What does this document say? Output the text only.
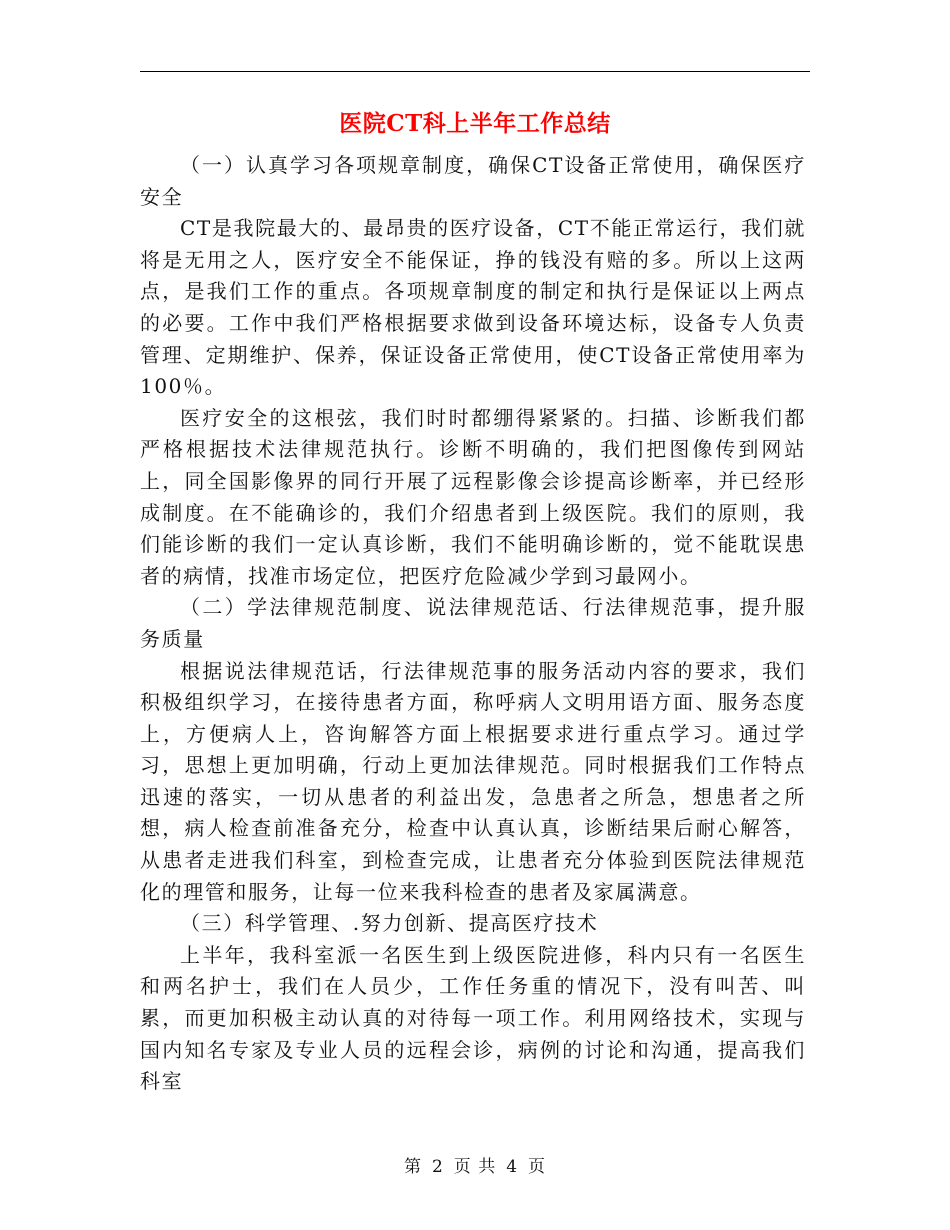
医院CT科上半年工作总结

（一）认真学习各项规章制度，确保CT设备正常使用，确保医疗安全

CT是我院最大的、最昂贵的医疗设备，CT不能正常运行，我们就将是无用之人，医疗安全不能保证，挣的钱没有赔的多。所以上这两点，是我们工作的重点。各项规章制度的制定和执行是保证以上两点的必要。工作中我们严格根据要求做到设备环境达标，设备专人负责管理、定期维护、保养，保证设备正常使用，使CT设备正常使用率为100％。

医疗安全的这根弦，我们时时都绷得紧紧的。扫描、诊断我们都严格根据技术法律规范执行。诊断不明确的，我们把图像传到网站上，同全国影像界的同行开展了远程影像会诊提高诊断率，并已经形成制度。在不能确诊的，我们介绍患者到上级医院。我们的原则，我们能诊断的我们一定认真诊断，我们不能明确诊断的，觉不能耽误患者的病情，找准市场定位，把医疗危险减少学到习最网小。

（二）学法律规范制度、说法律规范话、行法律规范事，提升服务质量

根据说法律规范话，行法律规范事的服务活动内容的要求，我们积极组织学习，在接待患者方面，称呼病人文明用语方面、服务态度上，方便病人上，咨询解答方面上根据要求进行重点学习。通过学习，思想上更加明确，行动上更加法律规范。同时根据我们工作特点迅速的落实，一切从患者的利益出发，急患者之所急，想患者之所想，病人检查前准备充分，检查中认真认真，诊断结果后耐心解答，从患者走进我们科室，到检查完成，让患者充分体验到医院法律规范化的理管和服务，让每一位来我科检查的患者及家属满意。

（三）科学管理、.努力创新、提高医疗技术

上半年，我科室派一名医生到上级医院进修，科内只有一名医生和两名护士，我们在人员少，工作任务重的情况下，没有叫苦、叫累，而更加积极主动认真的对待每一项工作。利用网络技术，实现与国内知名专家及专业人员的远程会诊，病例的讨论和沟通，提高我们科室

第 2 页 共 4 页
